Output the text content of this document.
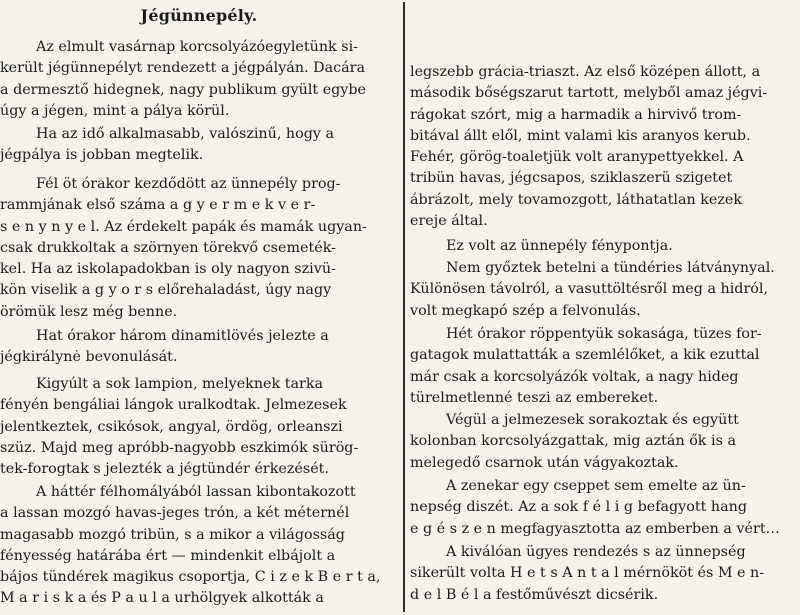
Jégünnepély.
Az elmult vasárnap korcsolyázóegyletünk si-
került jégünnepélyt rendezett a jégpályán. Dacára
a dermesztő hidegnek, nagy publikum gyült egybe
úgy a jégen, mint a pálya körül.
Ha az idő alkalmasabb, valószinű, hogy a
jégpálya is jobban megtelik.
Fél öt órakor kezdődött az ünnepély prog-
rammjának első száma a g y e r m e k v e r-
s e n y n y e l. Az érdekelt papák és mamák ugyan-
csak drukkoltak a szörnyen törekvő csemeték-
kel. Ha az iskolapadokban is oly nagyon szivü-
kön viselik a g y o r s előrehaladást, úgy nagy
örömük lesz még benne.
Hat órakor három dinamitlövés jelezte a
jégkirálynė bevonulását.
Kigyúlt a sok lampion, melyeknek tarka
fényén bengáliai lángok uralkodtak. Jelmezesek
jelentkeztek, csikósok, angyal, ördög, orleanszi
szüz. Majd meg apróbb-nagyobb eszkimók sürög-
tek-forogtak s jelezték a jégtündér érkezését.
A háttér félhomályából lassan kibontakozott
a lassan mozgó havas-jeges trón, a két méternél
magasabb mozgó tribün, s a mikor a világosság
fényesség határába ért — mindenkit elbájolt a
bájos tündérek magikus csoportja, C i z e k B e r t a,
M a r i s k a és P a u l a urhölgyek alkották a
legszebb grácia-triaszt. Az első középen állott, a
második bőségszarut tartott, melyből amaz jégvi-
rágokat szórt, mig a harmadik a hirvivő trom-
bitával állt elől, mint valami kis aranyos kerub.
Fehér, görög-toaletjük volt aranypettyekkel. A
tribün havas, jégcsapos, sziklaszerü szigetet
ábrázolt, mely tovamozgott, láthatatlan kezek
ereje által.
Ez volt az ünnepély fénypontja.
Nem győztek betelni a tündéries látványnyal.
Különösen távolról, a vasuttöltésről meg a hidról,
volt megkapó szép a felvonulás.
Hét órakor röppentyük sokasága, tüzes for-
gatagok mulattatták a szemlélőket, a kik ezuttal
már csak a korcsolyázók voltak, a nagy hideg
türelmetlenné teszi az embereket.
Végül a jelmezesek sorakoztak és együtt
kolonban korcsolyázgattak, mig aztán ők is a
melegedő csarnok után vágyakoztak.
A zenekar egy cseppet sem emelte az ün-
nepség diszét. Az a sok f é l i g befagyott hang
e g é s z e n megfagyasztotta az emberben a vért…
A kiválóan ügyes rendezés s az ünnepség
sikerült volta H e t s A n t a l mérnököt és M e n-
d e l B é l a festőművészt dicsérik.
